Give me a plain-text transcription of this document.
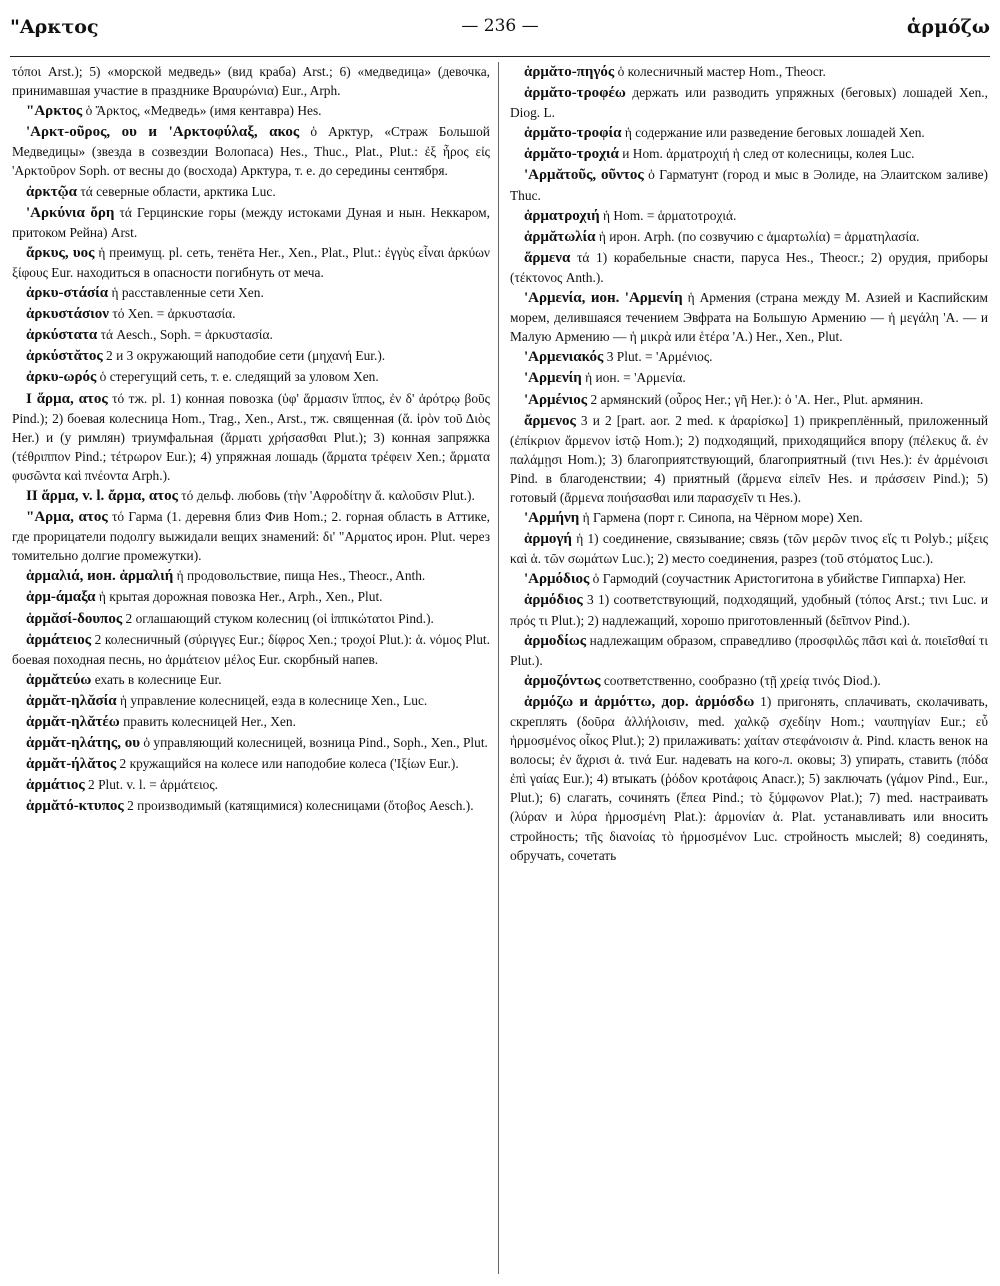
"Αρκτος	— 236 —	ἁρμόζω

τόποι Arst.); 5) «морской медведь» (вид краба) Arst.; 6) «медведица» (девочка, принимавшая участие в празднике Βραυρώνια) Eur., Arph.

"Αρκτος ὁ Ἄρκτος, «Медведь» (имя кентавра) Hes.

'Αρκτ-οῦρος, ου и 'Αρκτοφύλαξ, ακος ὁ Арктур, «Страж Большой Медведицы» (звезда в созвездии Волопаса) Hes., Thuc., Plat., Plut.: ἐξ ἦρος εἰς 'Αρκτοῦρον Soph. от весны до (восхода) Арктура, т. е. до середины сентября.

ἀρκτῷα τά северные области, арктика Luc.

'Αρκύνια ὄρη τά Герцинские горы (между истоками Дуная и нын. Неккаром, притоком Рейна) Arst.

ἄρκυς, υος ἡ преимущ. pl. сеть, тенёта Her., Xen., Plat., Plut.: ἐγγὺς εἶναι ἀρκύων ξίφους Eur. находиться в опасности погибнуть от меча.

ἀρκυ-στάσία ἡ расставленные сети Xen.

ἀρκυστάσιον τό Xen. = ἀρκυστασία.

ἀρκύστατα τά Aesch., Soph. = ἀρκυστασία.

ἀρκύστᾰτος 2 и 3 окружающий наподобие сети (μηχανή Eur.).

ἀρκυ-ωρός ὁ стерегущий сеть, т. е. следящий за уловом Xen.

I ἅρμα, ατος τό тж. pl. 1) конная повозка (ὑφ' ἅρμασιν ἵππος, ἐν δ' ἀρότρῳ βοῦς Pind.); 2) боевая колесница Hom., Trag., Xen., Arst., тж. священная (ἅ. ἱρὸν τοῦ Διὸς Her.) и (у римлян) триумфальная (ἅρματι χρήσασθαι Plut.); 3) конная запряжка (τέθριππον Pind.; τέτρωρον Eur.); 4) упряжная лошадь (ἅρματα τρέφειν Xen.; ἅρματα φυσῶντα καὶ πνέοντα Arph.).

II ἅρμα, v. l. ἄρμα, ατος τό дельф. любовь (τὴν 'Αφροδίτην ἅ. καλοῦσιν Plut.).

"Αρμα, ατος τό Гарма (1. деревня близ Фив Hom.; 2. горная область в Аттике, где прорицатели подолгу выжидали вещих знамений: δι' "Αρματος ирон. Plut. через томительно долгие промежутки).

ἁρμαλιά, ион. ἁρμαλιή ἡ продовольствие, пища Hes., Theocr., Anth.

ἁρμ-άμαξα ἡ крытая дорожная повозка Her., Arph., Xen., Plut.

ἁρμᾰσί-δουπος 2 оглашающий стуком колесниц (οἱ ἱππικώτατοι Pind.).

ἁρμάτειος 2 колесничный (σύριγγες Eur.; δίφρος Xen.; τροχοί Plut.): ἁ. νόμος Plut. боевая походная песнь, но ἁρμάτειον μέλος Eur. скорбный напев.

ἁρμᾰτεύω ехать в колеснице Eur.

ἁρμᾰτ-ηλᾰσία ἡ управление колесницей, езда в колеснице Xen., Luc.

ἁρμᾰτ-ηλᾰτέω править колесницей Her., Xen.

ἁρμᾰτ-ηλάτης, ου ὁ управляющий колесницей, возница Pind., Soph., Xen., Plut.

ἁρμᾰτ-ήλᾰτος 2 кружащийся на колесе или наподобие колеса ('Ιξίων Eur.).

ἁρμάτιος 2 Plut. v. l. = ἁρμάτειος.

ἁρμᾰτό-κτυπος 2 производимый (катящимися) колесницами (ὄτοβος Aesch.).

ἁρμᾰτο-πηγός ὁ колесничный мастер Hom., Theocr.

ἁρμᾰτο-τροφέω держать или разводить упряжных (беговых) лошадей Xen., Diog. L.

ἁρμᾰτο-τροφία ἡ содержание или разведение беговых лошадей Xen.

ἁρμᾰτο-τροχιά и Hom. ἁρματροχιή ἡ след от колесницы, колея Luc.

'Αρμᾰτοῦς, οῦντος ὁ Гарматунт (город и мыс в Эолиде, на Элаитском заливе) Thuc.

ἁρματροχιή ἡ Hom. = ἁρματοτροχιά.

ἁρμᾰτωλία ἡ ирон. Arph. (по созвучию с ἁμαρτωλία) = ἁρματηλασία.

ἅρμενα τά 1) корабельные снасти, паруса Hes., Theocr.; 2) орудия, приборы (τέκτονος Anth.).

'Αρμενία, ион. 'Αρμενίη ἡ Армения (страна между М. Азией и Каспийским морем, делившаяся течением Эвфрата на Большую Армению — ἡ μεγάλη 'Α. — и Малую Армению — ἡ μικρὰ или ἑτέρα 'Α.) Her., Xen., Plut.

'Αρμενιακός 3 Plut. = 'Αρμένιος.

'Αρμενίη ἡ ион. = 'Αρμενία.

'Αρμένιος 2 армянский (οὖρος Her.; γῆ Her.): ὁ 'Α. Her., Plut. армянин.

ἄρμενος 3 и 2 [part. aor. 2 med. к ἀραρίσκω] 1) прикреплённый, приложенный (ἐπίκριον ἄρμενον ἱστῷ Hom.); 2) подходящий, приходящийся впору (πέλεκυς ἄ. ἐν παλάμῃσι Hom.); 3) благоприятствующий, благоприятный (τινι Hes.): ἐν ἀρμένοισι Pind. в благоденствии; 4) приятный (ἄρμενα εἰπεῖν Hes. и πράσσειν Pind.); 5) готовый (ἄρμενα ποιήσασθαι или παρασχεῖν τι Hes.).

'Αρμήνη ἡ Гармена (порт г. Синопа, на Чёрном море) Xen.

ἁρμογή ἡ 1) соединение, связывание; связь (τῶν μερῶν τινος εἴς τι Polyb.; μίξεις καὶ ἁ. τῶν σωμάτων Luc.); 2) место соединения, разрез (τοῦ στόματος Luc.).

'Αρμόδιος ὁ Гармодий (соучастник Аристогитона в убийстве Гиппарха) Her.

ἁρμόδιος 3 1) соответствующий, подходящий, удобный (τόπος Arst.; τινι Luc. и πρός τι Plut.); 2) надлежащий, хорошо приготовленный (δεῖπνον Pind.).

ἁρμοδίως надлежащим образом, справедливо (προσφιλῶς πᾶσι καὶ ἁ. ποιεῖσθαί τι Plut.).

ἁρμοζόντως соответственно, сообразно (τῇ χρείᾳ τινός Diod.).

ἁρμόζω и ἁρμόττω, дор. ἁρμόσδω 1) пригонять, сплачивать, сколачивать, скреплять (δοῦρα ἀλλήλοισιν, med. χαλκῷ σχεδίην Hom.; ναυπηγίαν Eur.; εὖ ἡρμοσμένος οἶκος Plut.); 2) прилаживать: χαίταν στεφάνοισιν ἁ. Pind. класть венок на волосы; ἐν ἄχρισι ἁ. τινά Eur. надевать на кого-л. оковы; 3) упирать, ставить (πόδα ἐπὶ γαίας Eur.); 4) втыкать (ῥόδον κροτάφοις Anacr.); 5) заключать (γάμον Pind., Eur., Plut.); 6) слагать, сочинять (ἔπεα Pind.; τὸ ξύμφωνον Plat.); 7) med. настраивать (λύραν и λύρα ἡρμοσμένη Plat.): ἁρμονίαν ἁ. Plat. устанавливать или вносить стройность; τῆς διανοίας τὸ ἡρμοσμένον Luc. стройность мыслей; 8) соединять, обручать, сочетать
